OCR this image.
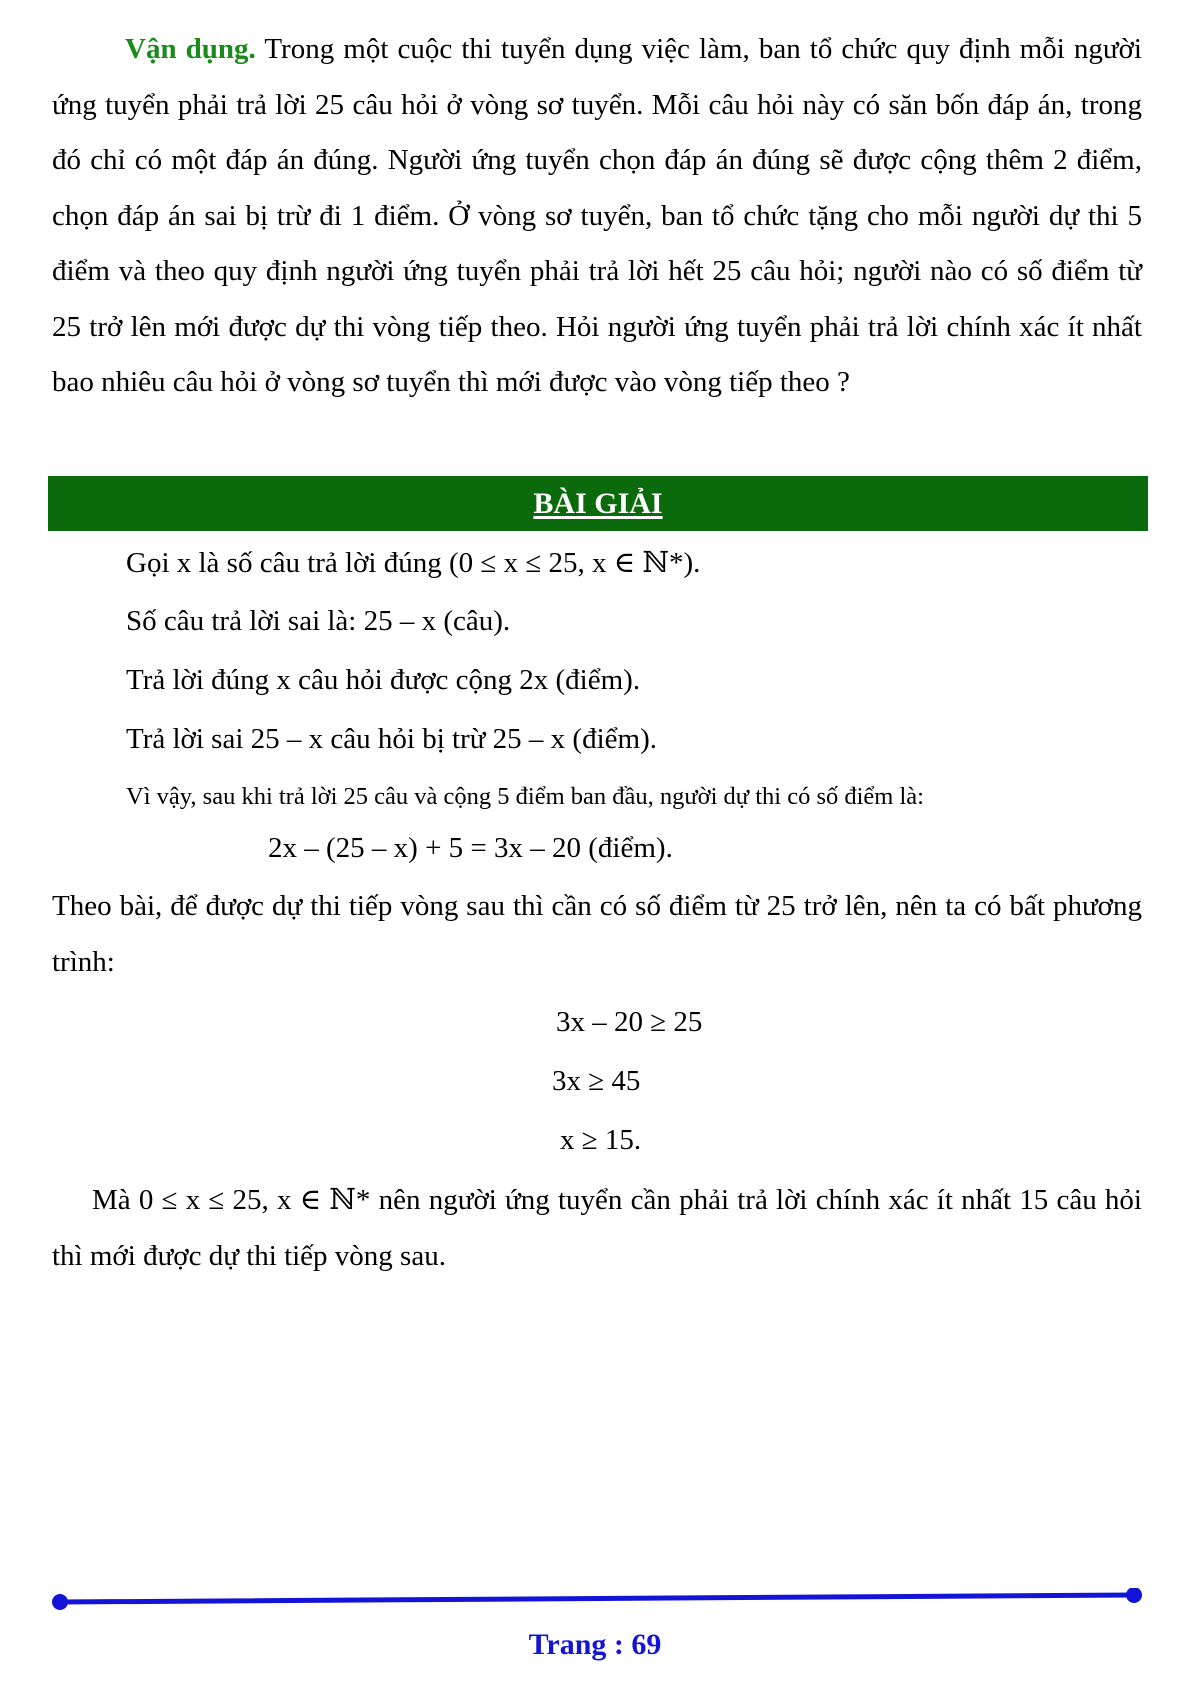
Vận dụng. Trong một cuộc thi tuyển dụng việc làm, ban tổ chức quy định mỗi người ứng tuyển phải trả lời 25 câu hỏi ở vòng sơ tuyển. Mỗi câu hỏi này có săn bốn đáp án, trong đó chỉ có một đáp án đúng. Người ứng tuyển chọn đáp án đúng sẽ được cộng thêm 2 điểm, chọn đáp án sai bị trừ đi 1 điểm. Ở vòng sơ tuyển, ban tổ chức tặng cho mỗi người dự thi 5 điểm và theo quy định người ứng tuyển phải trả lời hết 25 câu hỏi; người nào có số điểm từ 25 trở lên mới được dự thi vòng tiếp theo. Hỏi người ứng tuyển phải trả lời chính xác ít nhất bao nhiêu câu hỏi ở vòng sơ tuyển thì mới được vào vòng tiếp theo ?

BÀI GIẢI

Gọi x là số câu trả lời đúng (0 ≤ x ≤ 25, x ∈ ℕ*).

Số câu trả lời sai là: 25 – x (câu).

Trả lời đúng x câu hỏi được cộng 2x (điểm).

Trả lời sai 25 – x câu hỏi bị trừ 25 – x (điểm).

Vì vậy, sau khi trả lời 25 câu và cộng 5 điểm ban đầu, người dự thi có số điểm là:

2x – (25 – x) + 5 = 3x – 20 (điểm).

Theo bài, để được dự thi tiếp vòng sau thì cần có số điểm từ 25 trở lên, nên ta có bất phương trình:

3x – 20 ≥ 25

3x ≥ 45

x ≥ 15.

Mà 0 ≤ x ≤ 25, x ∈ ℕ* nên người ứng tuyển cần phải trả lời chính xác ít nhất 15 câu hỏi thì mới được dự thi tiếp vòng sau.

Trang : 69
